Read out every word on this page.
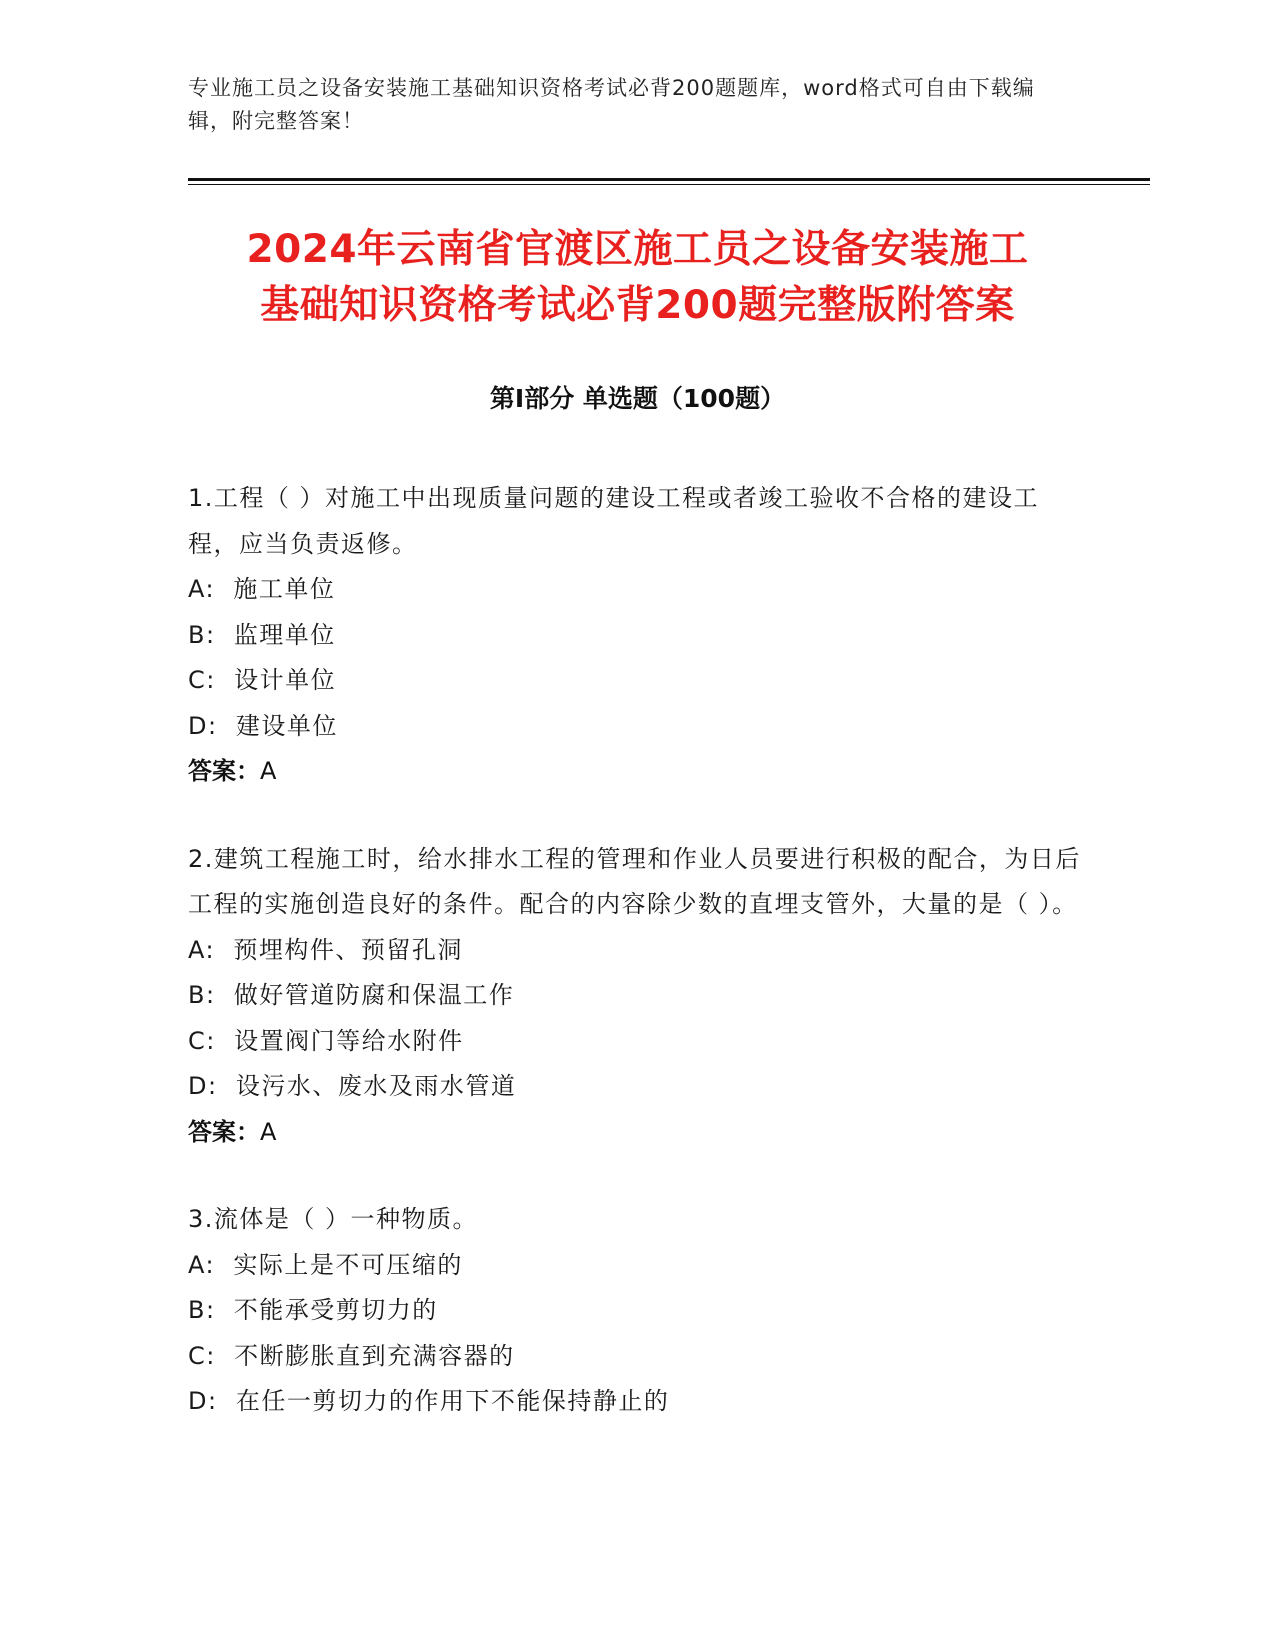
专业施工员之设备安装施工基础知识资格考试必背200题题库，word格式可自由下载编辑，附完整答案！
2024年云南省官渡区施工员之设备安装施工
基础知识资格考试必背200题完整版附答案
第Ⅰ部分 单选题（100题）

1.工程（ ）对施工中出现质量问题的建设工程或者竣工验收不合格的建设工程，应当负责返修。

A:  施工单位

B:  监理单位

C:  设计单位

D:  建设单位

答案：A

2.建筑工程施工时，给水排水工程的管理和作业人员要进行积极的配合，为日后工程的实施创造良好的条件。配合的内容除少数的直埋支管外，大量的是（ ）。

A:  预埋构件、预留孔洞

B:  做好管道防腐和保温工作

C:  设置阀门等给水附件

D:  设污水、废水及雨水管道

答案：A

3.流体是（ ）一种物质。

A:  实际上是不可压缩的

B:  不能承受剪切力的

C:  不断膨胀直到充满容器的

D:  在任一剪切力的作用下不能保持静止的
